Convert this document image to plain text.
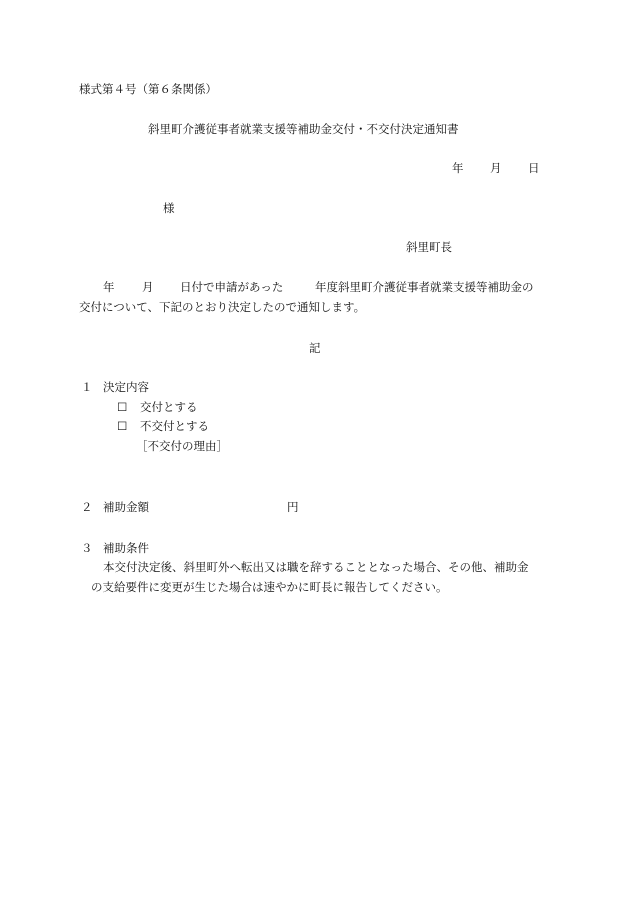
様式第４号（第６条関係）
斜里町介護従事者就業支援等補助金交付・不交付決定通知書
年 月 日
様
斜里町長
年 月 日付で申請があった	年度斜里町介護従事者就業支援等補助金の
交付について、下記のとおり決定したので通知します。
記
１ 決定内容
☐ 交付とする
☐ 不交付とする
［不交付の理由］
２ 補助金額	円
３ 補助条件
本交付決定後、斜里町外へ転出又は職を辞することとなった場合、その他、補助金
の支給要件に変更が生じた場合は速やかに町長に報告してください。
